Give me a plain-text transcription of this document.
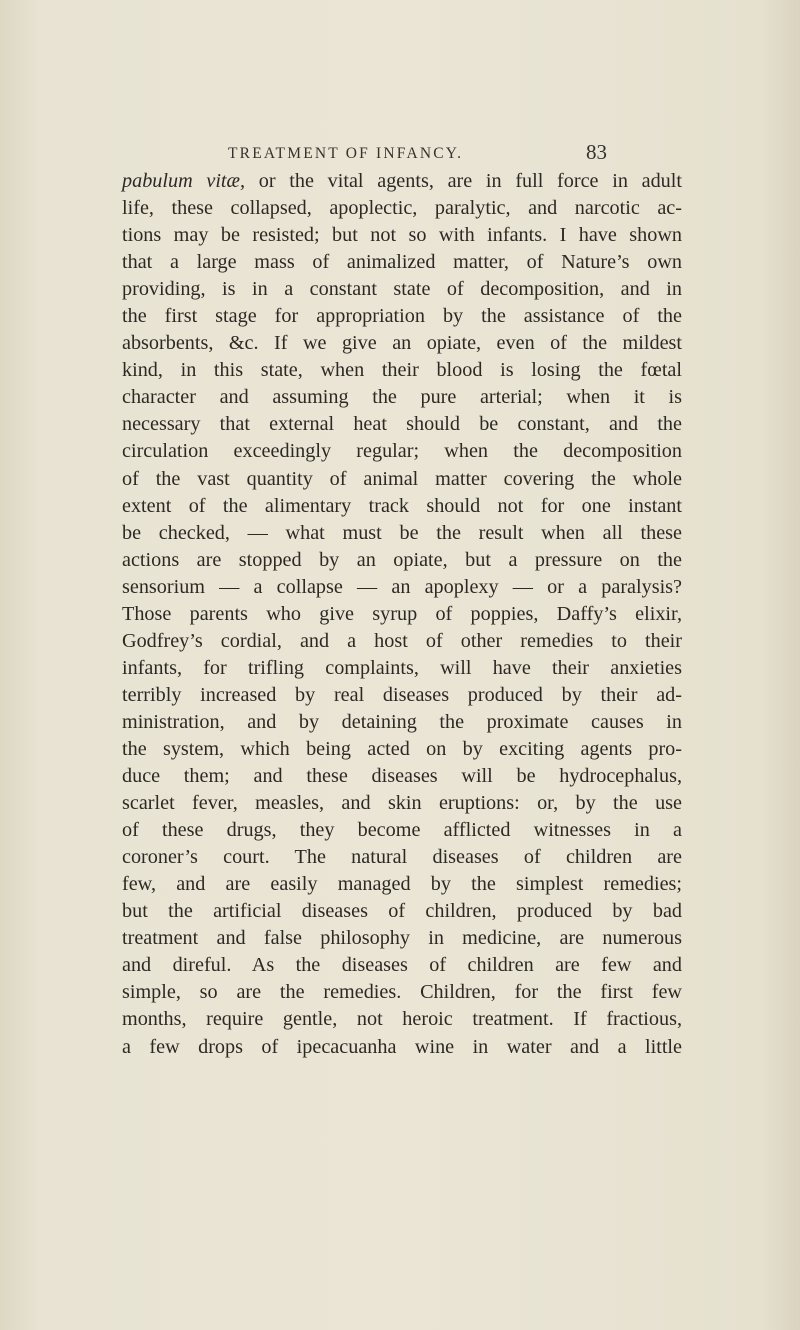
TREATMENT OF INFANCY.	83
pabulum vitæ, or the vital agents, are in full force in adult
life, these collapsed, apoplectic, paralytic, and narcotic ac-
tions may be resisted; but not so with infants. I have shown
that a large mass of animalized matter, of Nature’s own
providing, is in a constant state of decomposition, and in
the first stage for appropriation by the assistance of the
absorbents, &c. If we give an opiate, even of the mildest
kind, in this state, when their blood is losing the fœtal
character and assuming the pure arterial; when it is
necessary that external heat should be constant, and the
circulation exceedingly regular; when the decomposition
of the vast quantity of animal matter covering the whole
extent of the alimentary track should not for one instant
be checked, — what must be the result when all these
actions are stopped by an opiate, but a pressure on the
sensorium — a collapse — an apoplexy — or a paralysis?
Those parents who give syrup of poppies, Daffy’s elixir,
Godfrey’s cordial, and a host of other remedies to their
infants, for trifling complaints, will have their anxieties
terribly increased by real diseases produced by their ad-
ministration, and by detaining the proximate causes in
the system, which being acted on by exciting agents pro-
duce them; and these diseases will be hydrocephalus,
scarlet fever, measles, and skin eruptions: or, by the use
of these drugs, they become afflicted witnesses in a
coroner’s court. The natural diseases of children are
few, and are easily managed by the simplest remedies;
but the artificial diseases of children, produced by bad
treatment and false philosophy in medicine, are numerous
and direful. As the diseases of children are few and
simple, so are the remedies. Children, for the first few
months, require gentle, not heroic treatment. If fractious,
a few drops of ipecacuanha wine in water and a little
